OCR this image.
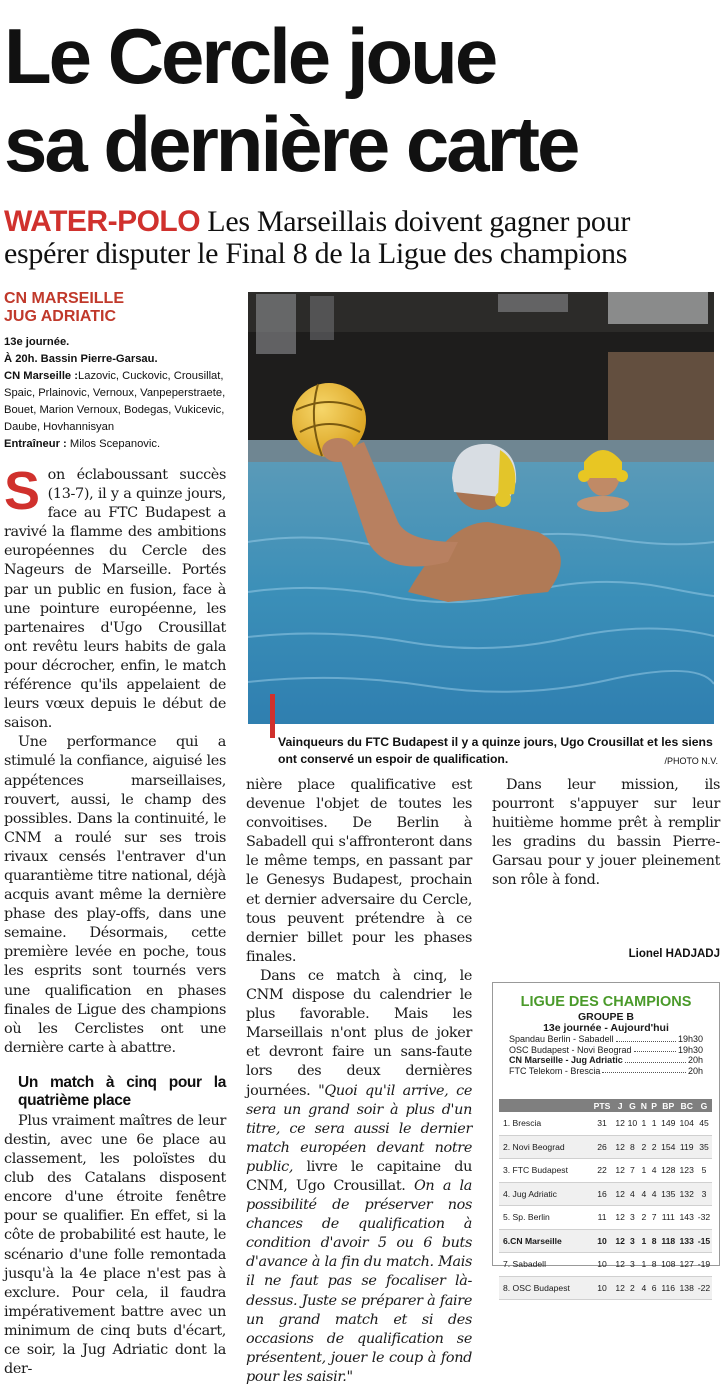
Le Cercle joue
sa dernière carte
WATER-POLO Les Marseillais doivent gagner pour espérer disputer le Final 8 de la Ligue des champions
CN MARSEILLE
JUG ADRIATIC
13e journée.
À 20h. Bassin Pierre-Garsau.
CN Marseille :Lazovic, Cuckovic, Crousillat, Spaic, Prlainovic, Vernoux, Vanpeperstraete, Bouet, Marion Vernoux, Bodegas, Vukicevic, Daube, Hovhannisyan
Entraîneur : Milos Scepanovic.

Son éclaboussant succès (13-7), il y a quinze jours, face au FTC Budapest a ravivé la flamme des ambitions européennes du Cercle des Nageurs de Marseille. Portés par un public en fusion, face à une pointure européenne, les partenaires d'Ugo Crousillat ont revêtu leurs habits de gala pour décrocher, enfin, le match référence qu'ils appelaient de leurs vœux depuis le début de saison.

Une performance qui a stimulé la confiance, aiguisé les appétences marseillaises, rouvert, aussi, le champ des possibles. Dans la continuité, le CNM a roulé sur ses trois rivaux censés l'entraver d'un quarantième titre national, déjà acquis avant même la dernière phase des play-offs, dans une semaine. Désormais, cette première levée en poche, tous les esprits sont tournés vers une qualification en phases finales de Ligue des champions où les Cerclistes ont une dernière carte à abattre.

Un match à cinq pour la quatrième place

Plus vraiment maîtres de leur destin, avec une 6e place au classement, les poloïstes du club des Catalans disposent encore d'une étroite fenêtre pour se qualifier. En effet, si la côte de probabilité est haute, le scénario d'une folle remontada jusqu'à la 4e place n'est pas à exclure. Pour cela, il faudra impérativement battre avec un minimum de cinq buts d'écart, ce soir, la Jug Adriatic dont la der-

Vainqueurs du FTC Budapest il y a quinze jours, Ugo Crousillat et les siens ont conservé un espoir de qualification.	/PHOTO N.V.

nière place qualificative est devenue l'objet de toutes les convoitises. De Berlin à Sabadell qui s'affronteront dans le même temps, en passant par le Genesys Budapest, prochain et dernier adversaire du Cercle, tous peuvent prétendre à ce dernier billet pour les phases finales.

Dans ce match à cinq, le CNM dispose du calendrier le plus favorable. Mais les Marseillais n'ont plus de joker et devront faire un sans-faute lors des deux dernières journées. "Quoi qu'il arrive, ce sera un grand soir à plus d'un titre, ce sera aussi le dernier match européen devant notre public, livre le capitaine du CNM, Ugo Crousillat. On a la possibilité de préserver nos chances de qualification à condition d'avoir 5 ou 6 buts d'avance à la fin du match. Mais il ne faut pas se focaliser là-dessus. Juste se préparer à faire un grand match et si des occasions de qualification se présentent, jouer le coup à fond pour les saisir."

Dans leur mission, ils pourront s'appuyer sur leur huitième homme prêt à remplir les gradins du bassin Pierre-Garsau pour y jouer pleinement son rôle à fond.

Lionel HADJADJ
LIGUE DES CHAMPIONS
GROUPE B
13e journée - Aujourd'hui
Spandau Berlin - Sabadell	19h30
OSC Budapest - Novi Beograd	19h30
CN Marseille - Jug Adriatic	20h
FTC Telekom - Brescia	20h
	PTS	J	G	N	P	BP	BC	G
1. Brescia	31	12	10	1	1	149	104	45
2. Novi Beograd	26	12	8	2	2	154	119	35
3. FTC Budapest	22	12	7	1	4	128	123	5
4. Jug Adriatic	16	12	4	4	4	135	132	3
5. Sp. Berlin	11	12	3	2	7	111	143	-32
6.CN Marseille	10	12	3	1	8	118	133	-15
7. Sabadell	10	12	3	1	8	108	127	-19
8. OSC Budapest	10	12	2	4	6	116	138	-22
